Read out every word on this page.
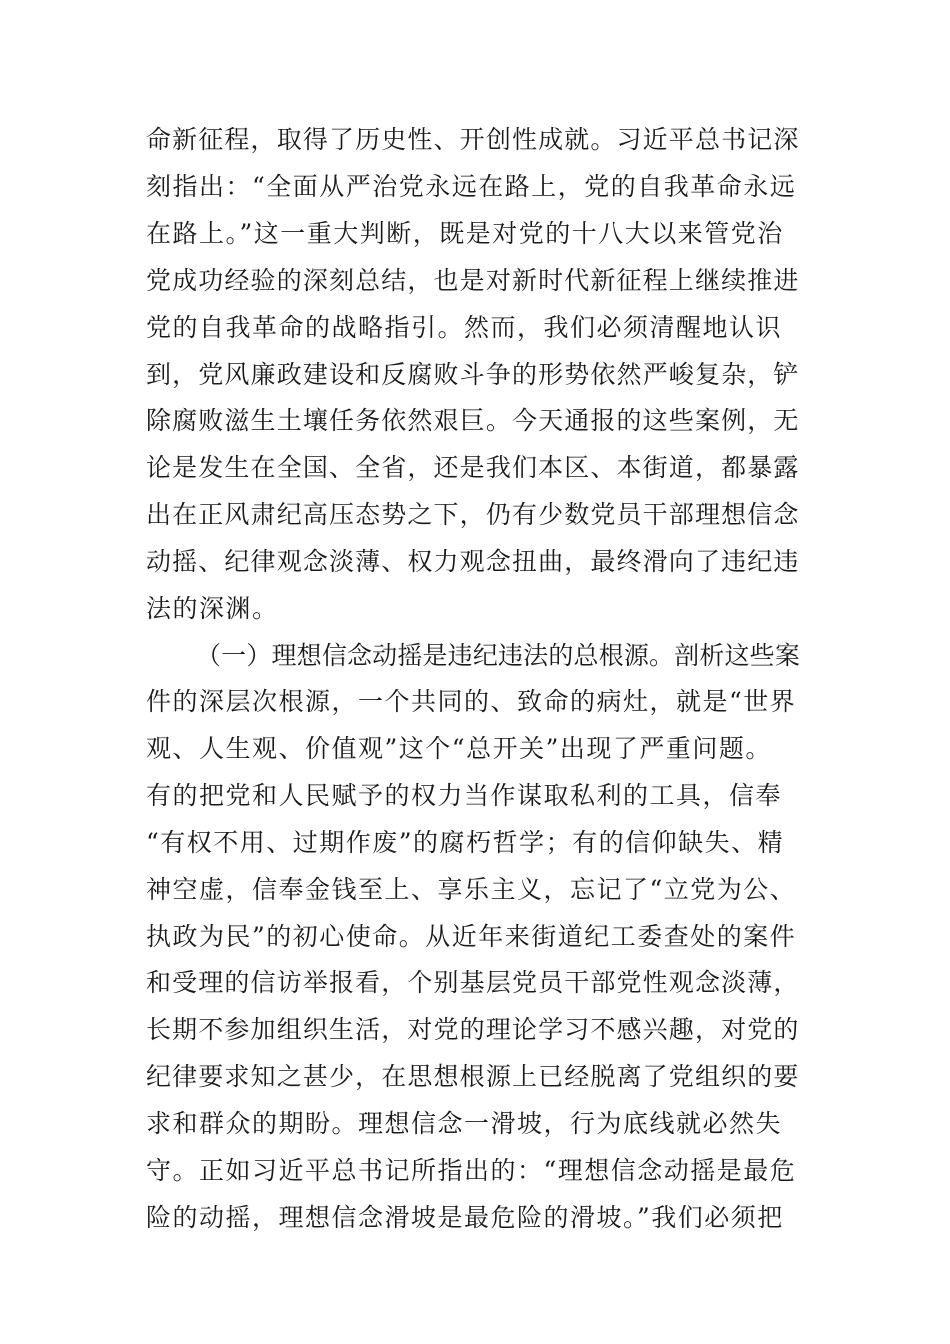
命新征程，取得了历史性、开创性成就。习近平总书记深
刻指出：“全面从严治党永远在路上，党的自我革命永远
在路上。”这一重大判断，既是对党的十八大以来管党治
党成功经验的深刻总结，也是对新时代新征程上继续推进
党的自我革命的战略指引。然而，我们必须清醒地认识
到，党风廉政建设和反腐败斗争的形势依然严峻复杂，铲
除腐败滋生土壤任务依然艰巨。今天通报的这些案例，无
论是发生在全国、全省，还是我们本区、本街道，都暴露
出在正风肃纪高压态势之下，仍有少数党员干部理想信念
动摇、纪律观念淡薄、权力观念扭曲，最终滑向了违纪违
法的深渊。
（一）理想信念动摇是违纪违法的总根源。剖析这些案
件的深层次根源，一个共同的、致命的病灶，就是“世界
观、人生观、价值观”这个“总开关”出现了严重问题。
有的把党和人民赋予的权力当作谋取私利的工具，信奉
“有权不用、过期作废”的腐朽哲学；有的信仰缺失、精
神空虚，信奉金钱至上、享乐主义，忘记了“立党为公、
执政为民”的初心使命。从近年来街道纪工委查处的案件
和受理的信访举报看，个别基层党员干部党性观念淡薄，
长期不参加组织生活，对党的理论学习不感兴趣，对党的
纪律要求知之甚少，在思想根源上已经脱离了党组织的要
求和群众的期盼。理想信念一滑坡，行为底线就必然失
守。正如习近平总书记所指出的：“理想信念动摇是最危
险的动摇，理想信念滑坡是最危险的滑坡。”我们必须把
